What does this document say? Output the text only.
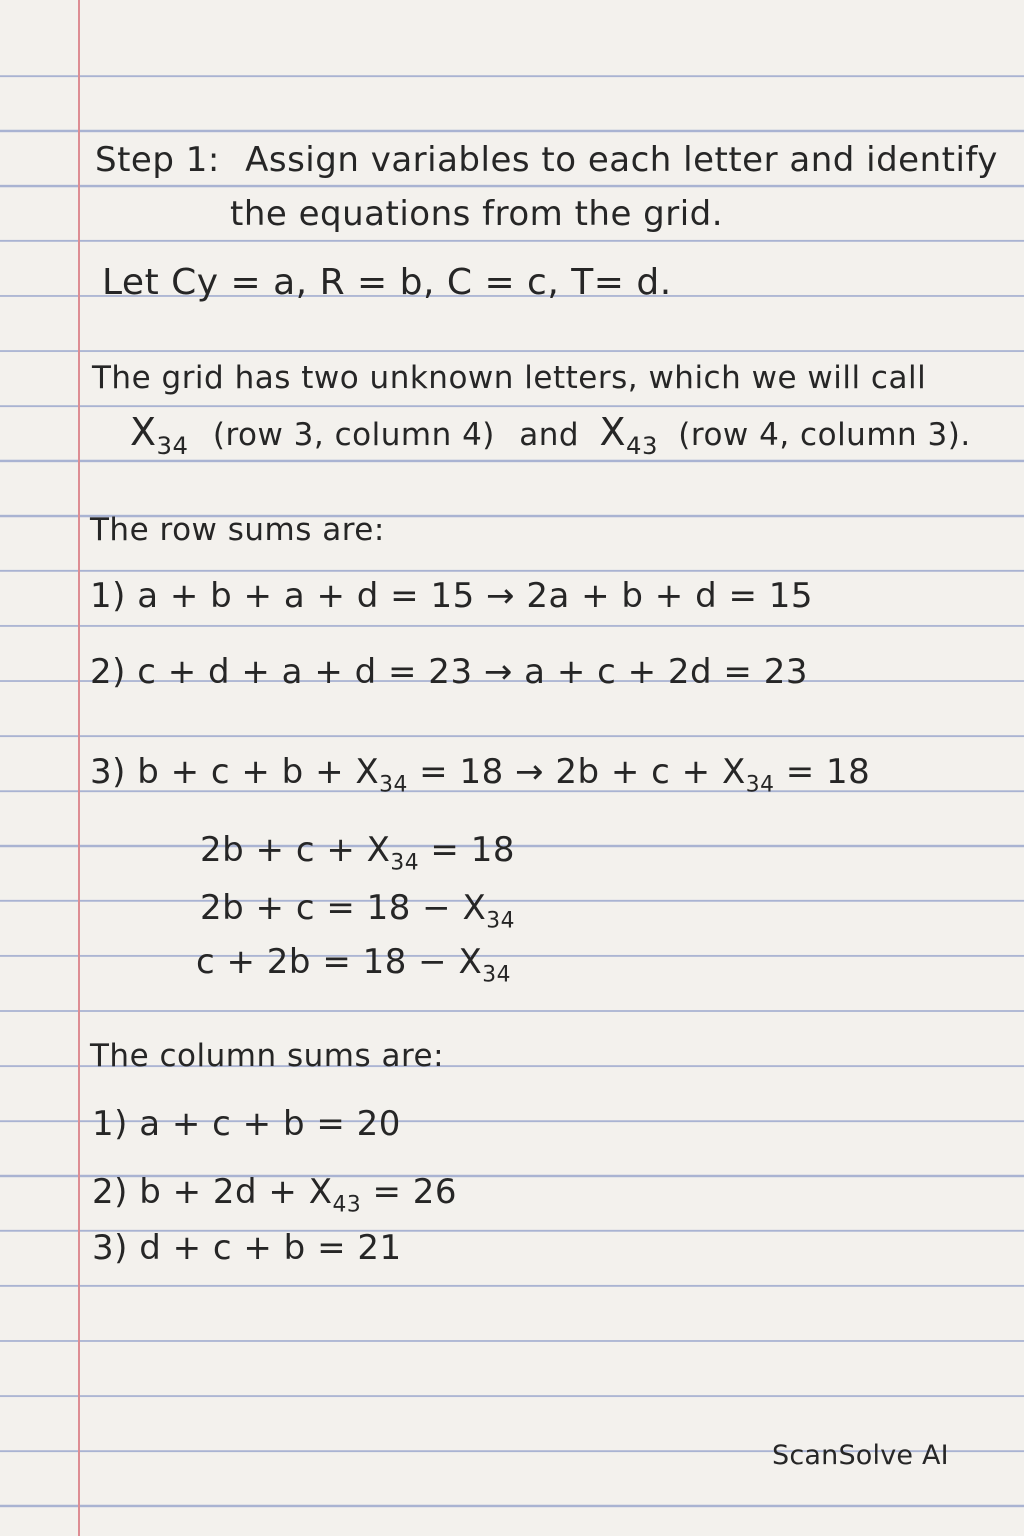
Step 1: Assign variables to each letter and identify
the equations from the grid.
Let Cy = a, R = b, C = c, T= d.
The grid has two unknown letters, which we will call
$X_{34}$ (row 3, column 4) and $X_{43}$ (row 4, column 3).
The row sums are:
1) a + b + a + d = 15 → 2a + b + d = 15
2) c + d + a + d = 23 → a + c + 2d = 23
3) $b + c + b + X_{34} = 18 \to 2b + c + X_{34} = 18$
$2b + c + X_{34} = 18$
$2b + c = 18 - X_{34}$
$c + 2b = 18 - X_{34}$
The column sums are:
1) a + c + b = 20
2) $b + 2d + X_{43} = 26$
3) d + c + b = 21
ScanSolve AI
